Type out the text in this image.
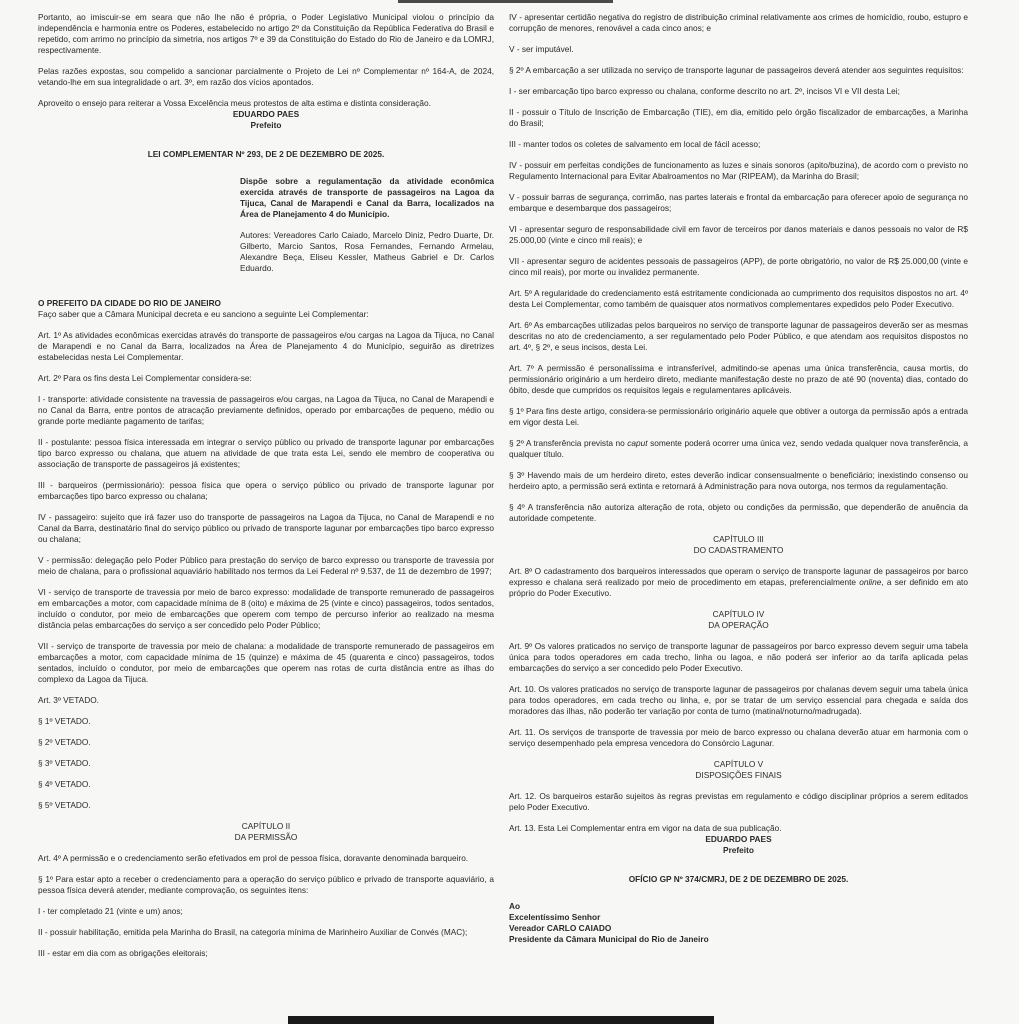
Portanto, ao imiscuir-se em seara que não lhe não é própria, o Poder Legislativo Municipal violou o princípio da independência e harmonia entre os Poderes, estabelecido no artigo 2º da Constituição da República Federativa do Brasil e repetido, com arrimo no princípio da simetria, nos artigos 7º e 39 da Constituição do Estado do Rio de Janeiro e da LOMRJ, respectivamente.

Pelas razões expostas, sou compelido a sancionar parcialmente o Projeto de Lei nº Complementar nº 164-A, de 2024, vetando-lhe em sua integralidade o art. 3º, em razão dos vícios apontados.

Aproveito o ensejo para reiterar a Vossa Excelência meus protestos de alta estima e distinta consideração.

EDUARDO PAES

Prefeito

LEI COMPLEMENTAR Nº 293, DE 2 DE DEZEMBRO DE 2025.

Dispõe sobre a regulamentação da atividade econômica exercida através de transporte de passageiros na Lagoa da Tijuca, Canal de Marapendi e Canal da Barra, localizados na Área de Planejamento 4 do Município.

Autores: Vereadores Carlo Caiado, Marcelo Diniz, Pedro Duarte, Dr. Gilberto, Marcio Santos, Rosa Fernandes, Fernando Armelau, Alexandre Beça, Eliseu Kessler, Matheus Gabriel e Dr. Carlos Eduardo.

O PREFEITO DA CIDADE DO RIO DE JANEIRO

Faço saber que a Câmara Municipal decreta e eu sanciono a seguinte Lei Complementar:

Art. 1º As atividades econômicas exercidas através do transporte de passageiros e/ou cargas na Lagoa da Tijuca, no Canal de Marapendi e no Canal da Barra, localizados na Área de Planejamento 4 do Município, seguirão as diretrizes estabelecidas nesta Lei Complementar.

Art. 2º Para os fins desta Lei Complementar considera-se:

I - transporte: atividade consistente na travessia de passageiros e/ou cargas, na Lagoa da Tijuca, no Canal de Marapendi e no Canal da Barra, entre pontos de atracação previamente definidos, operado por embarcações de pequeno, médio ou grande porte mediante pagamento de tarifas;

II - postulante: pessoa física interessada em integrar o serviço público ou privado de transporte lagunar por embarcações tipo barco expresso ou chalana, que atuem na atividade de que trata esta Lei, sendo ele membro de cooperativa ou associação de transporte de passageiros já existentes;

III - barqueiros (permissionário): pessoa física que opera o serviço público ou privado de transporte lagunar por embarcações tipo barco expresso ou chalana;

IV - passageiro: sujeito que irá fazer uso do transporte de passageiros na Lagoa da Tijuca, no Canal de Marapendi e no Canal da Barra, destinatário final do serviço público ou privado de transporte lagunar por embarcações tipo barco expresso ou chalana;

V - permissão: delegação pelo Poder Público para prestação do serviço de barco expresso ou transporte de travessia por meio de chalana, para o profissional aquaviário habilitado nos termos da Lei Federal nº 9.537, de 11 de dezembro de 1997;

VI - serviço de transporte de travessia por meio de barco expresso: modalidade de transporte remunerado de passageiros em embarcações a motor, com capacidade mínima de 8 (oito) e máxima de 25 (vinte e cinco) passageiros, todos sentados, incluído o condutor, por meio de embarcações que operem com tempo de percurso inferior ao realizado na mesma distância pelas embarcações do serviço a ser concedido pelo Poder Público;

VII - serviço de transporte de travessia por meio de chalana: a modalidade de transporte remunerado de passageiros em embarcações a motor, com capacidade mínima de 15 (quinze) e máxima de 45 (quarenta e cinco) passageiros, todos sentados, incluído o condutor, por meio de embarcações que operem nas rotas de curta distância entre as ilhas do complexo da Lagoa da Tijuca.

Art. 3º VETADO.

§ 1º VETADO.

§ 2º VETADO.

§ 3º VETADO.

§ 4º VETADO.

§ 5º VETADO.

CAPÍTULO II

DA PERMISSÃO

Art. 4º A permissão e o credenciamento serão efetivados em prol de pessoa física, doravante denominada barqueiro.

§ 1º Para estar apto a receber o credenciamento para a operação do serviço público e privado de transporte aquaviário, a pessoa física deverá atender, mediante comprovação, os seguintes itens:

I - ter completado 21 (vinte e um) anos;

II - possuir habilitação, emitida pela Marinha do Brasil, na categoria mínima de Marinheiro Auxiliar de Convés (MAC);

III - estar em dia com as obrigações eleitorais;

IV - apresentar certidão negativa do registro de distribuição criminal relativamente aos crimes de homicídio, roubo, estupro e corrupção de menores, renovável a cada cinco anos; e

V - ser imputável.

§ 2º A embarcação a ser utilizada no serviço de transporte lagunar de passageiros deverá atender aos seguintes requisitos:

I - ser embarcação tipo barco expresso ou chalana, conforme descrito no art. 2º, incisos VI e VII desta Lei;

II - possuir o Título de Inscrição de Embarcação (TIE), em dia, emitido pelo órgão fiscalizador de embarcações, a Marinha do Brasil;

III - manter todos os coletes de salvamento em local de fácil acesso;

IV - possuir em perfeitas condições de funcionamento as luzes e sinais sonoros (apito/buzina), de acordo com o previsto no Regulamento Internacional para Evitar Abalroamentos no Mar (RIPEAM), da Marinha do Brasil;

V - possuir barras de segurança, corrimão, nas partes laterais e frontal da embarcação para oferecer apoio de segurança no embarque e desembarque dos passageiros;

VI - apresentar seguro de responsabilidade civil em favor de terceiros por danos materiais e danos pessoais no valor de R$ 25.000,00 (vinte e cinco mil reais); e

VII - apresentar seguro de acidentes pessoais de passageiros (APP), de porte obrigatório, no valor de R$ 25.000,00 (vinte e cinco mil reais), por morte ou invalidez permanente.

Art. 5º A regularidade do credenciamento está estritamente condicionada ao cumprimento dos requisitos dispostos no art. 4º desta Lei Complementar, como também de quaisquer atos normativos complementares expedidos pelo Poder Executivo.

Art. 6º As embarcações utilizadas pelos barqueiros no serviço de transporte lagunar de passageiros deverão ser as mesmas descritas no ato de credenciamento, a ser regulamentado pelo Poder Público, e que atendam aos requisitos dispostos no art. 4º, § 2º, e seus incisos, desta Lei.

Art. 7º A permissão é personalíssima e intransferível, admitindo-se apenas uma única transferência, causa mortis, do permissionário originário a um herdeiro direto, mediante manifestação deste no prazo de até 90 (noventa) dias, contado do óbito, desde que cumpridos os requisitos legais e regulamentares aplicáveis.

§ 1º Para fins deste artigo, considera-se permissionário originário aquele que obtiver a outorga da permissão após a entrada em vigor desta Lei.

§ 2º A transferência prevista no caput somente poderá ocorrer uma única vez, sendo vedada qualquer nova transferência, a qualquer título.

§ 3º Havendo mais de um herdeiro direto, estes deverão indicar consensualmente o beneficiário; inexistindo consenso ou herdeiro apto, a permissão será extinta e retornará à Administração para nova outorga, nos termos da regulamentação.

§ 4º A transferência não autoriza alteração de rota, objeto ou condições da permissão, que dependerão de anuência da autoridade competente.

CAPÍTULO III

DO CADASTRAMENTO

Art. 8º O cadastramento dos barqueiros interessados que operam o serviço de transporte lagunar de passageiros por barco expresso e chalana será realizado por meio de procedimento em etapas, preferencialmente online, a ser definido em ato próprio do Poder Executivo.

CAPÍTULO IV

DA OPERAÇÃO

Art. 9º Os valores praticados no serviço de transporte lagunar de passageiros por barco expresso devem seguir uma tabela única para todos operadores em cada trecho, linha ou lagoa, e não poderá ser inferior ao da tarifa aplicada pelas embarcações do serviço a ser concedido pelo Poder Executivo.

Art. 10. Os valores praticados no serviço de transporte lagunar de passageiros por chalanas devem seguir uma tabela única para todos operadores, em cada trecho ou linha, e, por se tratar de um serviço essencial para chegada e saída dos moradores das ilhas, não poderão ter variação por conta de turno (matinal/noturno/madrugada).

Art. 11. Os serviços de transporte de travessia por meio de barco expresso ou chalana deverão atuar em harmonia com o serviço desempenhado pela empresa vencedora do Consórcio Lagunar.

CAPÍTULO V

DISPOSIÇÕES FINAIS

Art. 12. Os barqueiros estarão sujeitos às regras previstas em regulamento e código disciplinar próprios a serem editados pelo Poder Executivo.

Art. 13. Esta Lei Complementar entra em vigor na data de sua publicação.

EDUARDO PAES

Prefeito

OFÍCIO GP Nº 374/CMRJ, DE 2 DE DEZEMBRO DE 2025.

Ao

Excelentíssimo Senhor

Vereador CARLO CAIADO

Presidente da Câmara Municipal do Rio de Janeiro
